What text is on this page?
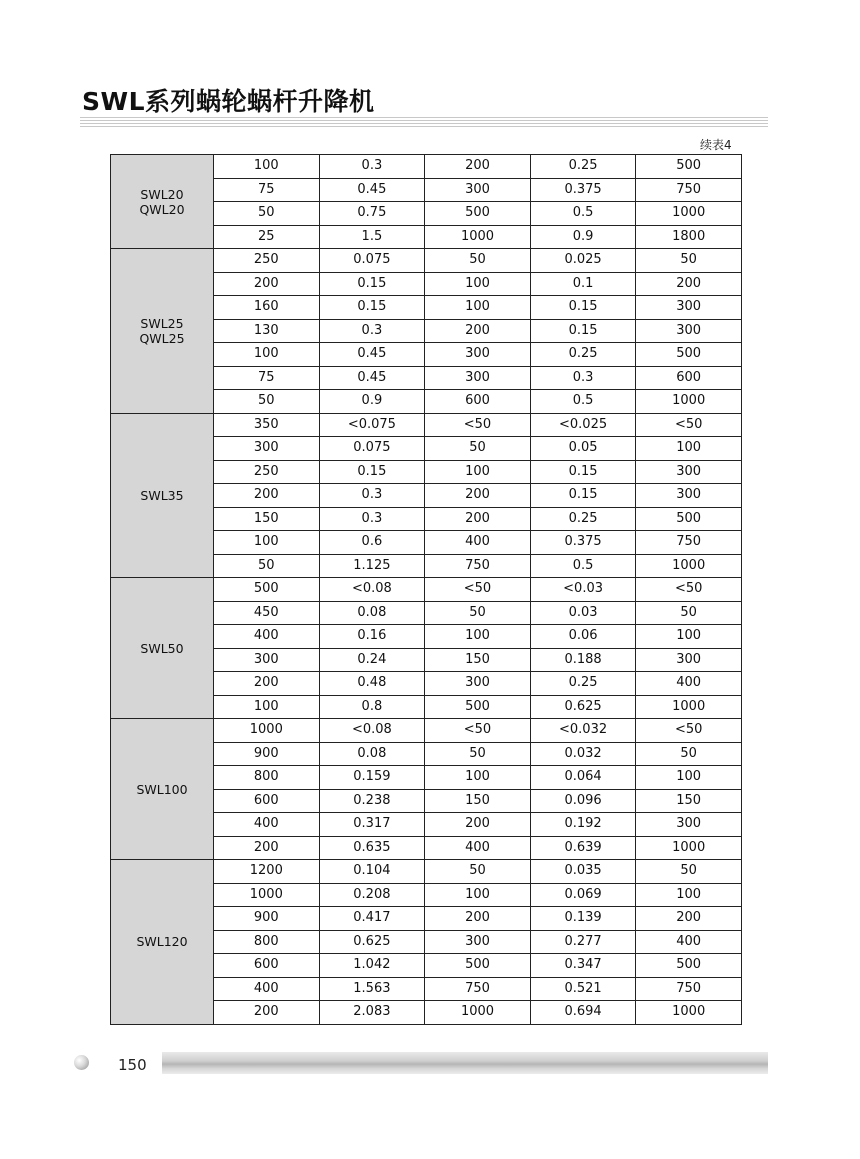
SWL系列蜗轮蜗杆升降机
续表4
SWL20
QWL20	100	0.3	200	0.25	500
	75	0.45	300	0.375	750
	50	0.75	500	0.5	1000
	25	1.5	1000	0.9	1800

SWL25
QWL25	250	0.075	50	0.025	50
	200	0.15	100	0.1	200
	160	0.15	100	0.15	300
	130	0.3	200	0.15	300
	100	0.45	300	0.25	500
	75	0.45	300	0.3	600
	50	0.9	600	0.5	1000

SWL35	350	<0.075	<50	<0.025	<50
	300	0.075	50	0.05	100
	250	0.15	100	0.15	300
	200	0.3	200	0.15	300
	150	0.3	200	0.25	500
	100	0.6	400	0.375	750
	50	1.125	750	0.5	1000

SWL50	500	<0.08	<50	<0.03	<50
	450	0.08	50	0.03	50
	400	0.16	100	0.06	100
	300	0.24	150	0.188	300
	200	0.48	300	0.25	400
	100	0.8	500	0.625	1000

SWL100	1000	<0.08	<50	<0.032	<50
	900	0.08	50	0.032	50
	800	0.159	100	0.064	100
	600	0.238	150	0.096	150
	400	0.317	200	0.192	300
	200	0.635	400	0.639	1000

SWL120	1200	0.104	50	0.035	50
	1000	0.208	100	0.069	100
	900	0.417	200	0.139	200
	800	0.625	300	0.277	400
	600	1.042	500	0.347	500
	400	1.563	750	0.521	750
	200	2.083	1000	0.694	1000
150
